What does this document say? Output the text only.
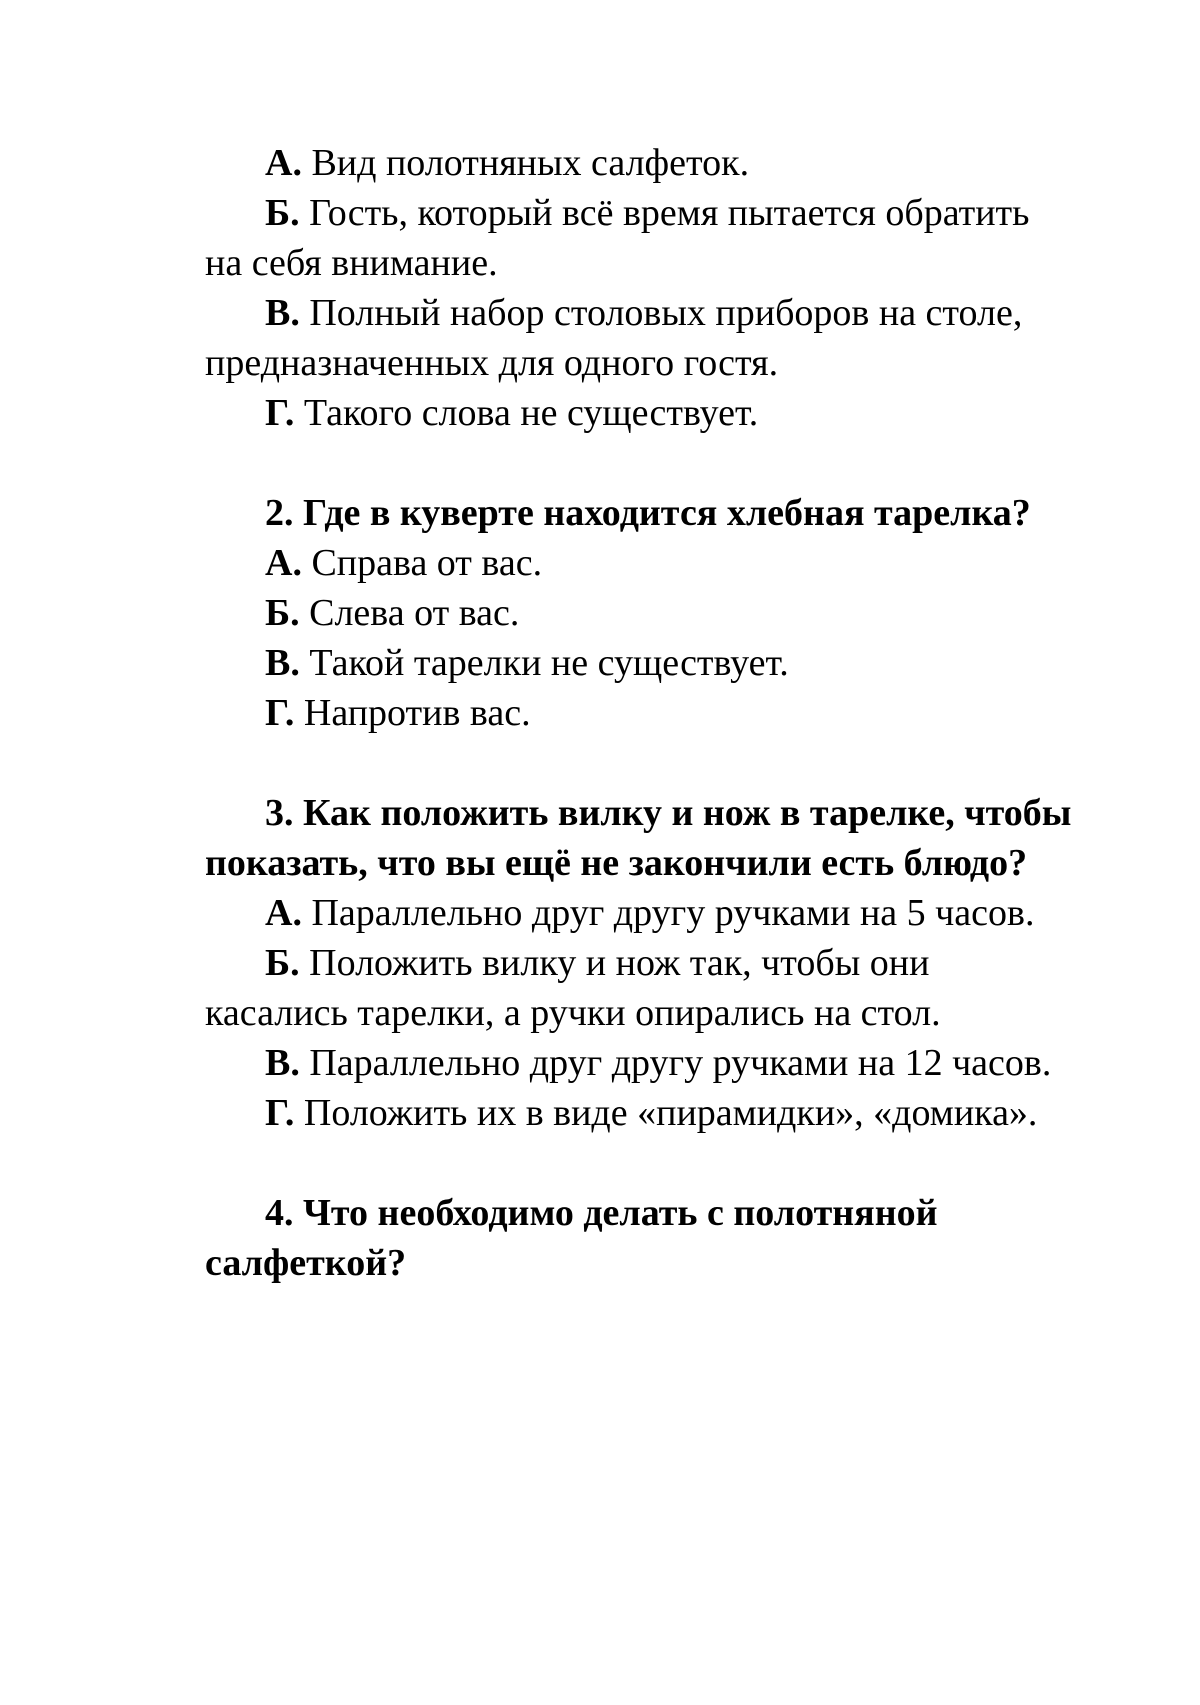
А. Вид полотняных салфеток.

Б. Гость, который всё время пытается обратить на себя внимание.

В. Полный набор столовых приборов на столе, предназначенных для одного гостя.

Г. Такого слова не существует.

2. Где в куверте находится хлебная тарелка?

А. Справа от вас.

Б. Слева от вас.

В. Такой тарелки не существует.

Г. Напротив вас.

3. Как положить вилку и нож в тарелке, чтобы показать, что вы ещё не закончили есть блюдо?

А. Параллельно друг другу ручками на 5 часов.

Б. Положить вилку и нож так, чтобы они касались тарелки, а ручки опирались на стол.

В. Параллельно друг другу ручками на 12 часов.

Г. Положить их в виде «пирамидки», «домика».

4. Что необходимо делать с полотняной салфеткой?
